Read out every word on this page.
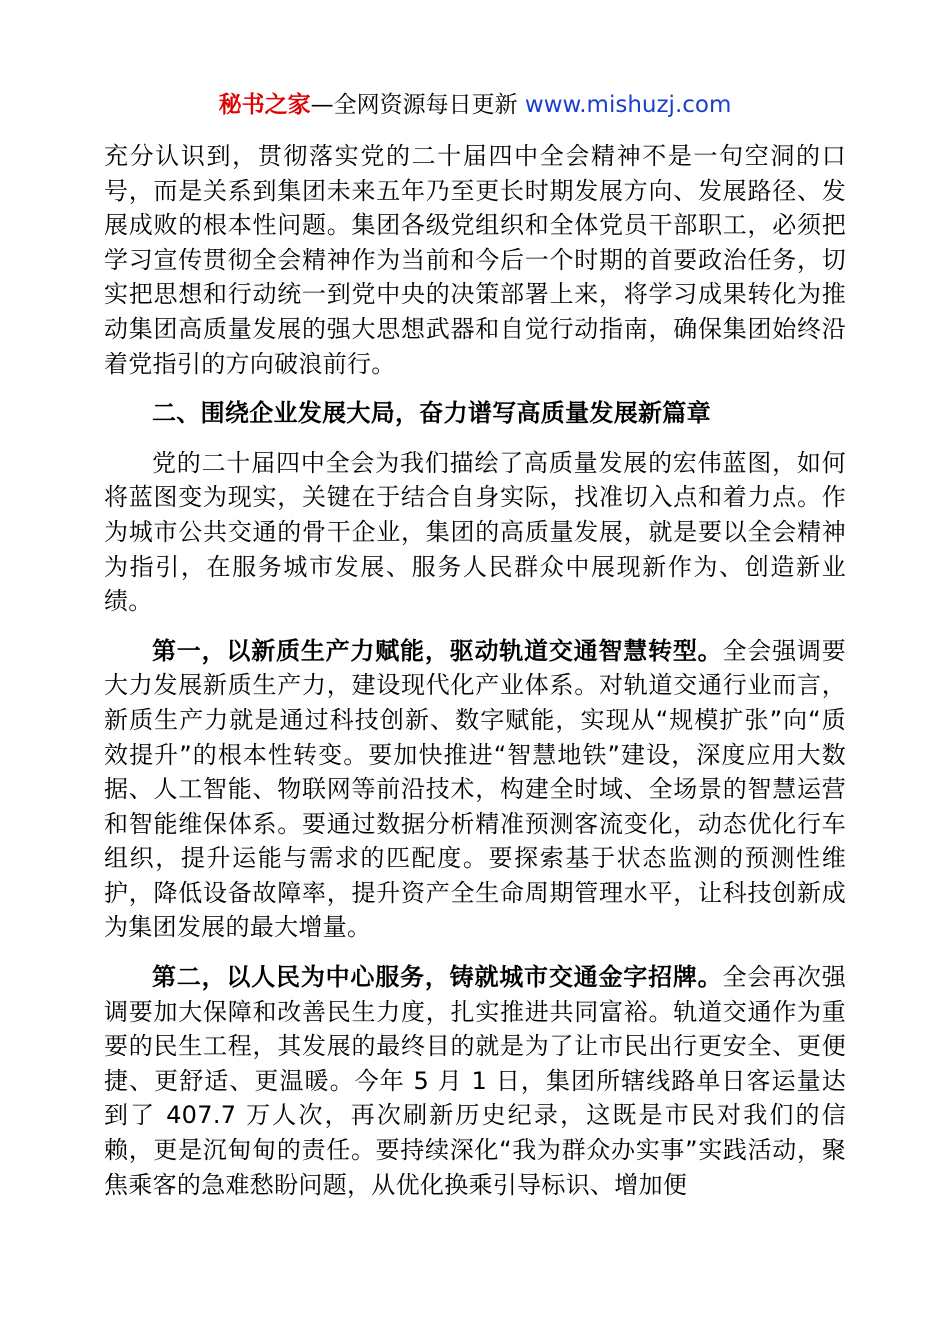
秘书之家—全网资源每日更新 www.mishuzj.com

充分认识到，贯彻落实党的二十届四中全会精神不是一句空洞的口号，而是关系到集团未来五年乃至更长时期发展方向、发展路径、发展成败的根本性问题。集团各级党组织和全体党员干部职工，必须把学习宣传贯彻全会精神作为当前和今后一个时期的首要政治任务，切实把思想和行动统一到党中央的决策部署上来，将学习成果转化为推动集团高质量发展的强大思想武器和自觉行动指南，确保集团始终沿着党指引的方向破浪前行。

二、围绕企业发展大局，奋力谱写高质量发展新篇章

党的二十届四中全会为我们描绘了高质量发展的宏伟蓝图，如何将蓝图变为现实，关键在于结合自身实际，找准切入点和着力点。作为城市公共交通的骨干企业，集团的高质量发展，就是要以全会精神为指引，在服务城市发展、服务人民群众中展现新作为、创造新业绩。

第一，以新质生产力赋能，驱动轨道交通智慧转型。全会强调要大力发展新质生产力，建设现代化产业体系。对轨道交通行业而言，新质生产力就是通过科技创新、数字赋能，实现从“规模扩张”向“质效提升”的根本性转变。要加快推进“智慧地铁”建设，深度应用大数据、人工智能、物联网等前沿技术，构建全时域、全场景的智慧运营和智能维保体系。要通过数据分析精准预测客流变化，动态优化行车组织，提升运能与需求的匹配度。要探索基于状态监测的预测性维护，降低设备故障率，提升资产全生命周期管理水平，让科技创新成为集团发展的最大增量。

第二，以人民为中心服务，铸就城市交通金字招牌。全会再次强调要加大保障和改善民生力度，扎实推进共同富裕。轨道交通作为重要的民生工程，其发展的最终目的就是为了让市民出行更安全、更便捷、更舒适、更温暖。今年 5 月 1 日，集团所辖线路单日客运量达到了 407.7 万人次，再次刷新历史纪录，这既是市民对我们的信赖，更是沉甸甸的责任。要持续深化“我为群众办实事”实践活动，聚焦乘客的急难愁盼问题，从优化换乘引导标识、增加便
